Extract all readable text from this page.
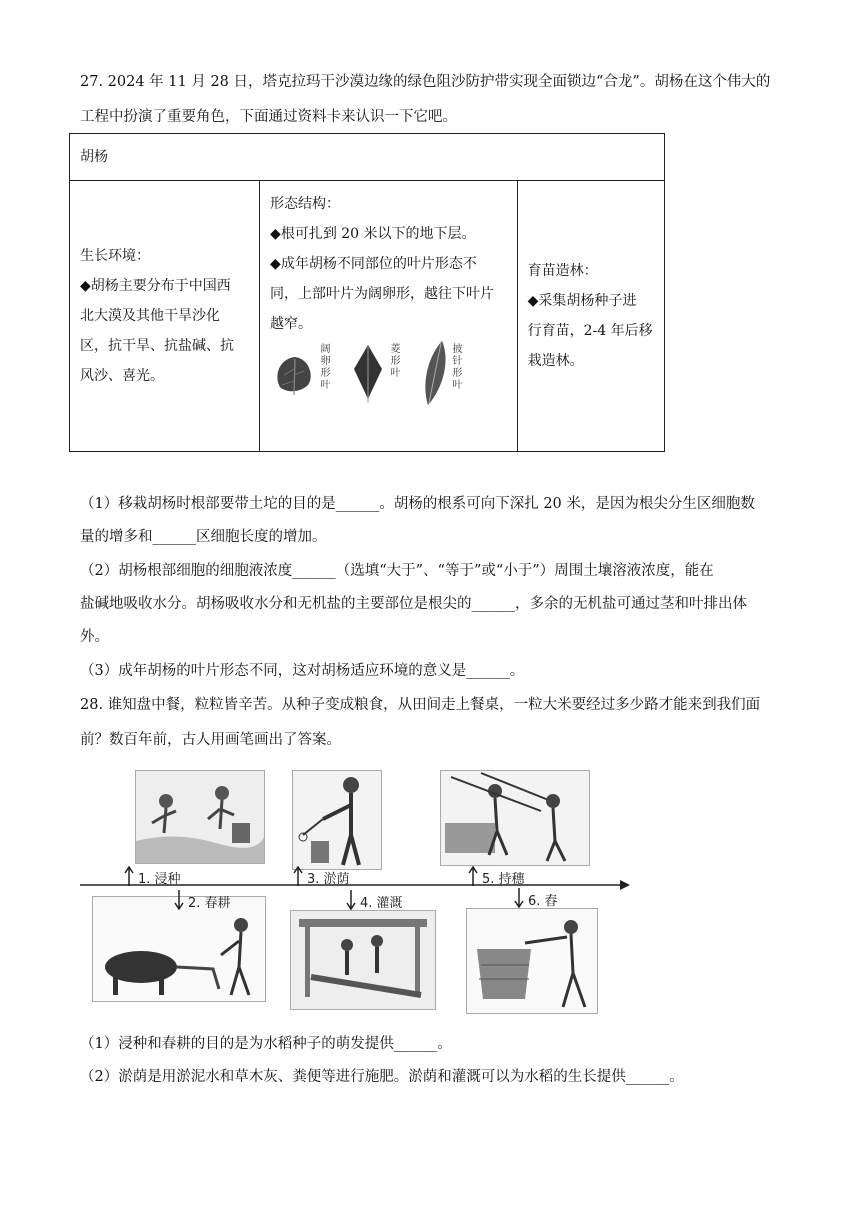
27. 2024 年 11 月 28 日，塔克拉玛干沙漠边缘的绿色阻沙防护带实现全面锁边“合龙”。胡杨在这个伟大的
工程中扮演了重要角色，下面通过资料卡来认识一下它吧。
胡杨

生长环境：
◆胡杨主要分布于中国西
北大漠及其他干旱沙化
区，抗干旱、抗盐碱、抗
风沙、喜光。

形态结构：
◆根可扎到 20 米以下的地下层。
◆成年胡杨不同部位的叶片形态不
同，上部叶片为阔卵形，越往下叶片
越窄。
阔卵形叶	菱形叶	披针形叶

育苗造林：
◆采集胡杨种子进
行育苗，2-4 年后移
栽造林。
（1）移栽胡杨时根部要带土坨的目的是______。胡杨的根系可向下深扎 20 米，是因为根尖分生区细胞数
量的增多和______区细胞长度的增加。
（2）胡杨根部细胞的细胞液浓度______（选填“大于”、“等于”或“小于”）周围土壤溶液浓度，能在
盐碱地吸收水分。胡杨吸收水分和无机盐的主要部位是根尖的______，多余的无机盐可通过茎和叶排出体
外。
（3）成年胡杨的叶片形态不同，这对胡杨适应环境的意义是______。
28. 谁知盘中餐，粒粒皆辛苦。从种子变成粮食，从田间走上餐桌，一粒大米要经过多少路才能来到我们面
前？数百年前，古人用画笔画出了答案。
1. 浸种
2. 春耕
3. 淤荫
4. 灌溉
5. 持穗
6. 舂
（1）浸种和春耕的目的是为水稻种子的萌发提供______。
（2）淤荫是用淤泥水和草木灰、粪便等进行施肥。淤荫和灌溉可以为水稻的生长提供______。
